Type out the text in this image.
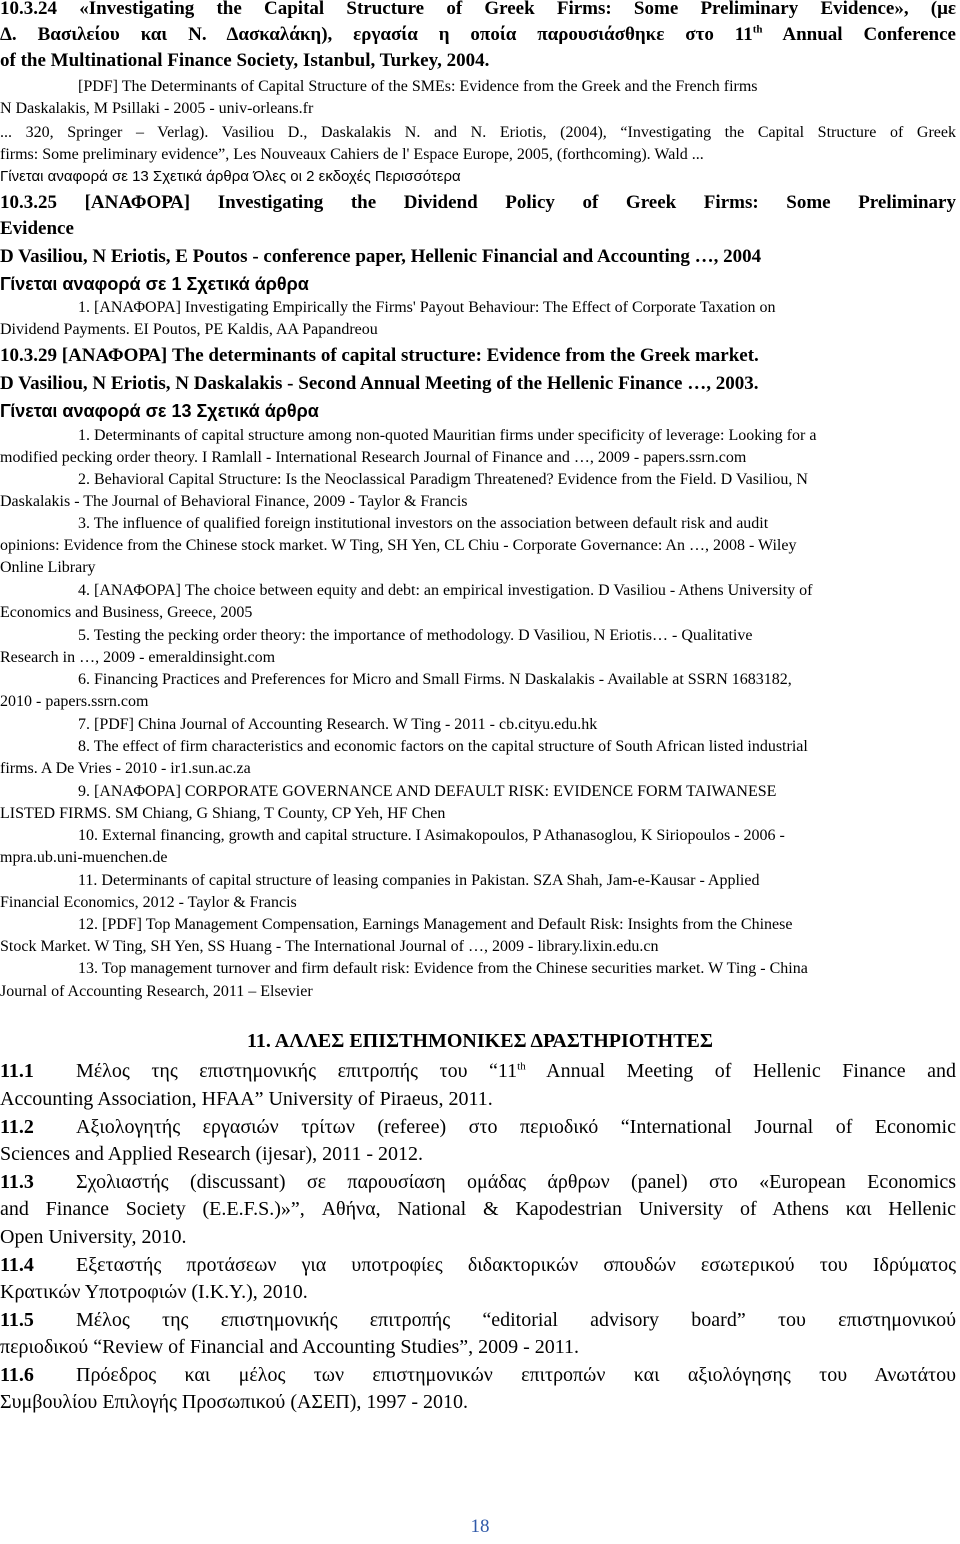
10.3.24 «Investigating the Capital Structure of Greek Firms: Some Preliminary Evidence», (με
Δ. Βασιλείου και Ν. Δασκαλάκη), εργασία η οποία παρουσιάσθηκε στο 11th Annual Conference
of the Multinational Finance Society, Istanbul, Turkey, 2004.
[PDF] The Determinants of Capital Structure of the SMEs: Evidence from the Greek and the French firms
N Daskalakis, M Psillaki - 2005 - univ-orleans.fr
... 320, Springer – Verlag). Vasiliou D., Daskalakis N. and N. Eriotis, (2004), “Investigating the Capital Structure of Greek
firms: Some preliminary evidence”, Les Nouveaux Cahiers de l' Espace Europe, 2005, (forthcoming). Wald ...
Γίνεται αναφορά σε 13 Σχετικά άρθρα Όλες οι 2 εκδοχές Περισσότερα
10.3.25 [ΑΝΑΦΟΡΑ] Investigating the Dividend Policy of Greek Firms: Some Preliminary
Evidence
D Vasiliou, N Eriotis, E Poutos - conference paper, Hellenic Financial and Accounting …, 2004
Γίνεται αναφορά σε 1 Σχετικά άρθρα
1. [ΑΝΑΦΟΡΑ] Investigating Empirically the Firms' Payout Behaviour: The Effect of Corporate Taxation on
Dividend Payments. EI Poutos, PE Kaldis, AA Papandreou
10.3.29 [ΑΝΑΦΟΡΑ] The determinants of capital structure: Evidence from the Greek market.
D Vasiliou, N Eriotis, N Daskalakis - Second Annual Meeting of the Hellenic Finance …, 2003.
Γίνεται αναφορά σε 13 Σχετικά άρθρα
1. Determinants of capital structure among non-quoted Mauritian firms under specificity of leverage: Looking for a
modified pecking order theory. I Ramlall - International Research Journal of Finance and …, 2009 - papers.ssrn.com
2. Behavioral Capital Structure: Is the Neoclassical Paradigm Threatened? Evidence from the Field. D Vasiliou, N
Daskalakis - The Journal of Behavioral Finance, 2009 - Taylor & Francis
3. The influence of qualified foreign institutional investors on the association between default risk and audit
opinions: Evidence from the Chinese stock market. W Ting, SH Yen, CL Chiu - Corporate Governance: An …, 2008 - Wiley
Online Library
4. [ΑΝΑΦΟΡΑ] The choice between equity and debt: an empirical investigation. D Vasiliou - Athens University of
Economics and Business, Greece, 2005
5. Testing the pecking order theory: the importance of methodology. D Vasiliou, N Eriotis… - Qualitative
Research in …, 2009 - emeraldinsight.com
6. Financing Practices and Preferences for Micro and Small Firms. N Daskalakis - Available at SSRN 1683182,
2010 - papers.ssrn.com
7. [PDF] China Journal of Accounting Research. W Ting - 2011 - cb.cityu.edu.hk
8. The effect of firm characteristics and economic factors on the capital structure of South African listed industrial
firms. A De Vries - 2010 - ir1.sun.ac.za
9. [ΑΝΑΦΟΡΑ] CORPORATE GOVERNANCE AND DEFAULT RISK: EVIDENCE FORM TAIWANESE
LISTED FIRMS. SM Chiang, G Shiang, T County, CP Yeh, HF Chen
10. External financing, growth and capital structure. I Asimakopoulos, P Athanasoglou, K Siriopoulos - 2006 -
mpra.ub.uni-muenchen.de
11. Determinants of capital structure of leasing companies in Pakistan. SZA Shah, Jam-e-Kausar - Applied
Financial Economics, 2012 - Taylor & Francis
12. [PDF] Top Management Compensation, Earnings Management and Default Risk: Insights from the Chinese
Stock Market. W Ting, SH Yen, SS Huang - The International Journal of …, 2009 - library.lixin.edu.cn
13. Top management turnover and firm default risk: Evidence from the Chinese securities market. W Ting - China
Journal of Accounting Research, 2011 – Elsevier
11. ΑΛΛΕΣ ΕΠΙΣΤΗΜΟΝΙΚΕΣ ΔΡΑΣΤΗΡΙΟΤΗΤΕΣ
11.1 Μέλος της επιστημονικής επιτροπής του “11th Annual Meeting of Hellenic Finance and
Accounting Association, HFAA” University of Piraeus, 2011.
11.2 Αξιολογητής εργασιών τρίτων (referee) στο περιοδικό “International Journal of Economic
Sciences and Applied Research (ijesar), 2011 - 2012.
11.3 Σχολιαστής (discussant) σε παρουσίαση ομάδας άρθρων (panel) στο «European Economics
and Finance Society (E.E.F.S.)»”, Αθήνα, National & Kapodestrian University of Athens και Hellenic
Open University, 2010.
11.4 Εξεταστής προτάσεων για υποτροφίες διδακτορικών σπουδών εσωτερικού του Ιδρύματος
Κρατικών Υποτροφιών (Ι.Κ.Υ.), 2010.
11.5 Μέλος της επιστημονικής επιτροπής “editorial advisory board” του επιστημονικού
περιοδικού “Review of Financial and Accounting Studies”, 2009 - 2011.
11.6 Πρόεδρος και μέλος των επιστημονικών επιτροπών και αξιολόγησης του Ανωτάτου
Συμβουλίου Επιλογής Προσωπικού (ΑΣΕΠ), 1997 - 2010.
18
